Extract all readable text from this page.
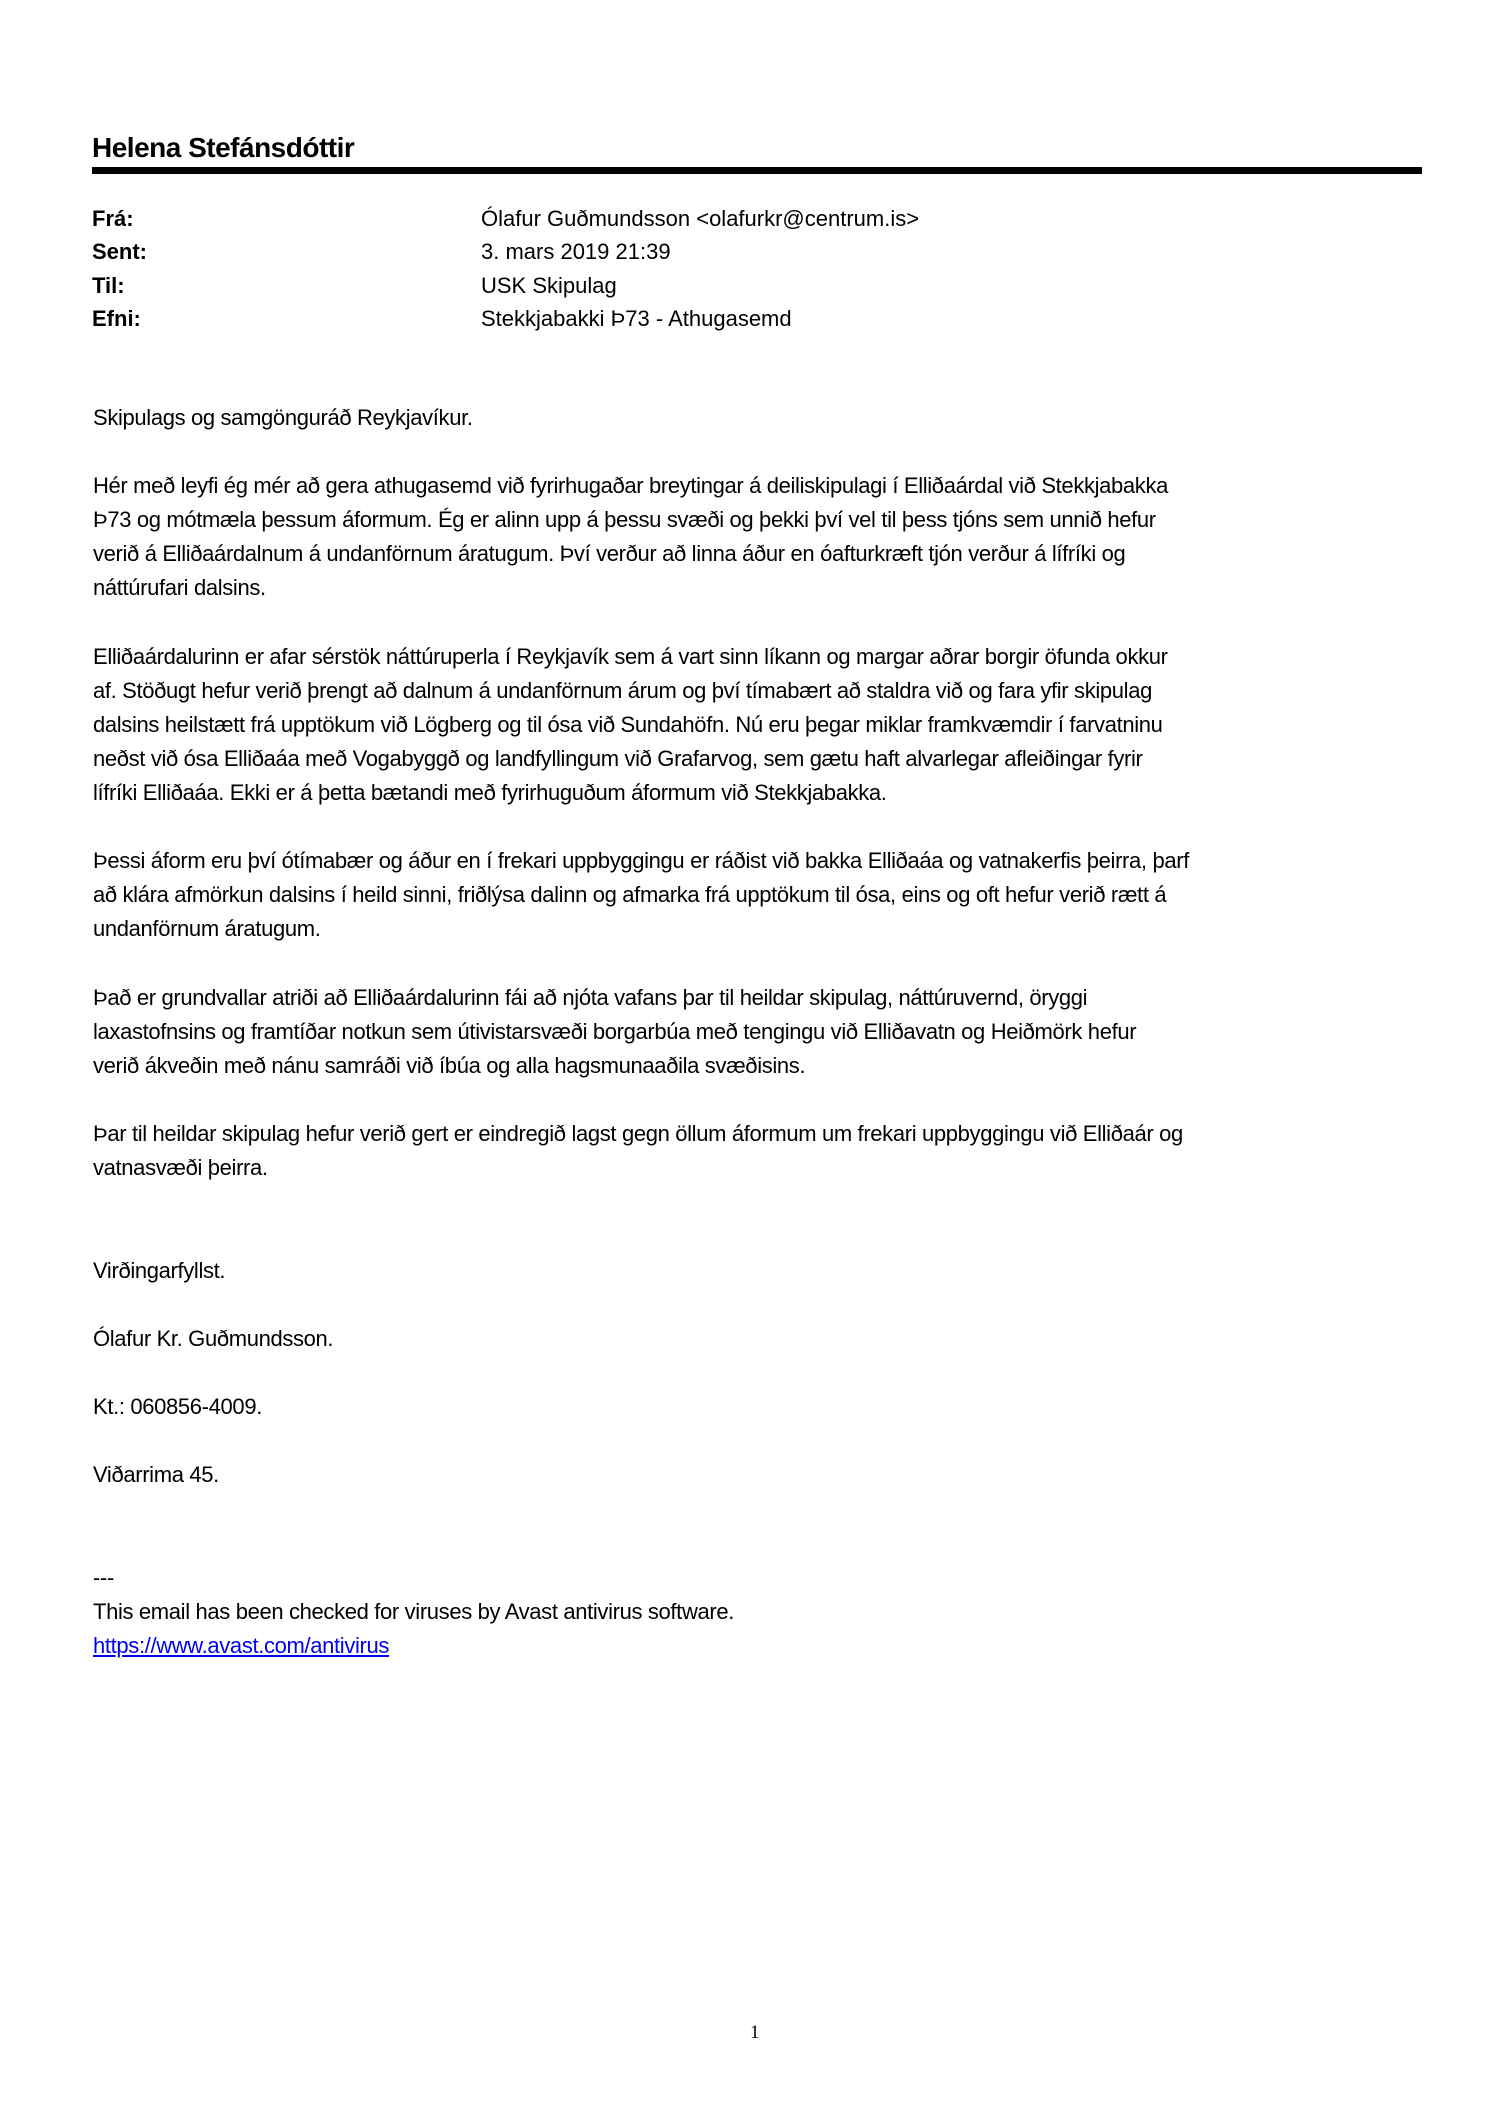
Helena Stefánsdóttir
Frá:	Ólafur Guðmundsson <olafurkr@centrum.is>
Sent:	3. mars 2019 21:39
Til:	USK Skipulag
Efni:	Stekkjabakki Þ73 - Athugasemd
Skipulags og samgönguráð Reykjavíkur.
Hér með leyfi ég mér að gera athugasemd við fyrirhugaðar breytingar á deiliskipulagi í Elliðaárdal við Stekkjabakka
Þ73 og mótmæla þessum áformum. Ég er alinn upp á þessu svæði og þekki því vel til þess tjóns sem unnið hefur
verið á Elliðaárdalnum á undanförnum áratugum. Því verður að linna áður en óafturkræft tjón verður á lífríki og
náttúrufari dalsins.
Elliðaárdalurinn er afar sérstök náttúruperla í Reykjavík sem á vart sinn líkann og margar aðrar borgir öfunda okkur
af. Stöðugt hefur verið þrengt að dalnum á undanförnum árum og því tímabært að staldra við og fara yfir skipulag
dalsins heilstætt frá upptökum við Lögberg og til ósa við Sundahöfn. Nú eru þegar miklar framkvæmdir í farvatninu
neðst við ósa Elliðaáa með Vogabyggð og landfyllingum við Grafarvog, sem gætu haft alvarlegar afleiðingar fyrir
lífríki Elliðaáa. Ekki er á þetta bætandi með fyrirhuguðum áformum við Stekkjabakka.
Þessi áform eru því ótímabær og áður en í frekari uppbyggingu er ráðist við bakka Elliðaáa og vatnakerfis þeirra, þarf
að klára afmörkun dalsins í heild sinni, friðlýsa dalinn og afmarka frá upptökum til ósa, eins og oft hefur verið rætt á
undanförnum áratugum.
Það er grundvallar atriði að Elliðaárdalurinn fái að njóta vafans þar til heildar skipulag, náttúruvernd, öryggi
laxastofnsins og framtíðar notkun sem útivistarsvæði borgarbúa með tengingu við Elliðavatn og Heiðmörk hefur
verið ákveðin með nánu samráði við íbúa og alla hagsmunaaðila svæðisins.
Þar til heildar skipulag hefur verið gert er eindregið lagst gegn öllum áformum um frekari uppbyggingu við Elliðaár og
vatnasvæði þeirra.
Virðingarfyllst.
Ólafur Kr. Guðmundsson.
Kt.: 060856-4009.
Viðarrima 45.
---
This email has been checked for viruses by Avast antivirus software.
https://www.avast.com/antivirus
1
